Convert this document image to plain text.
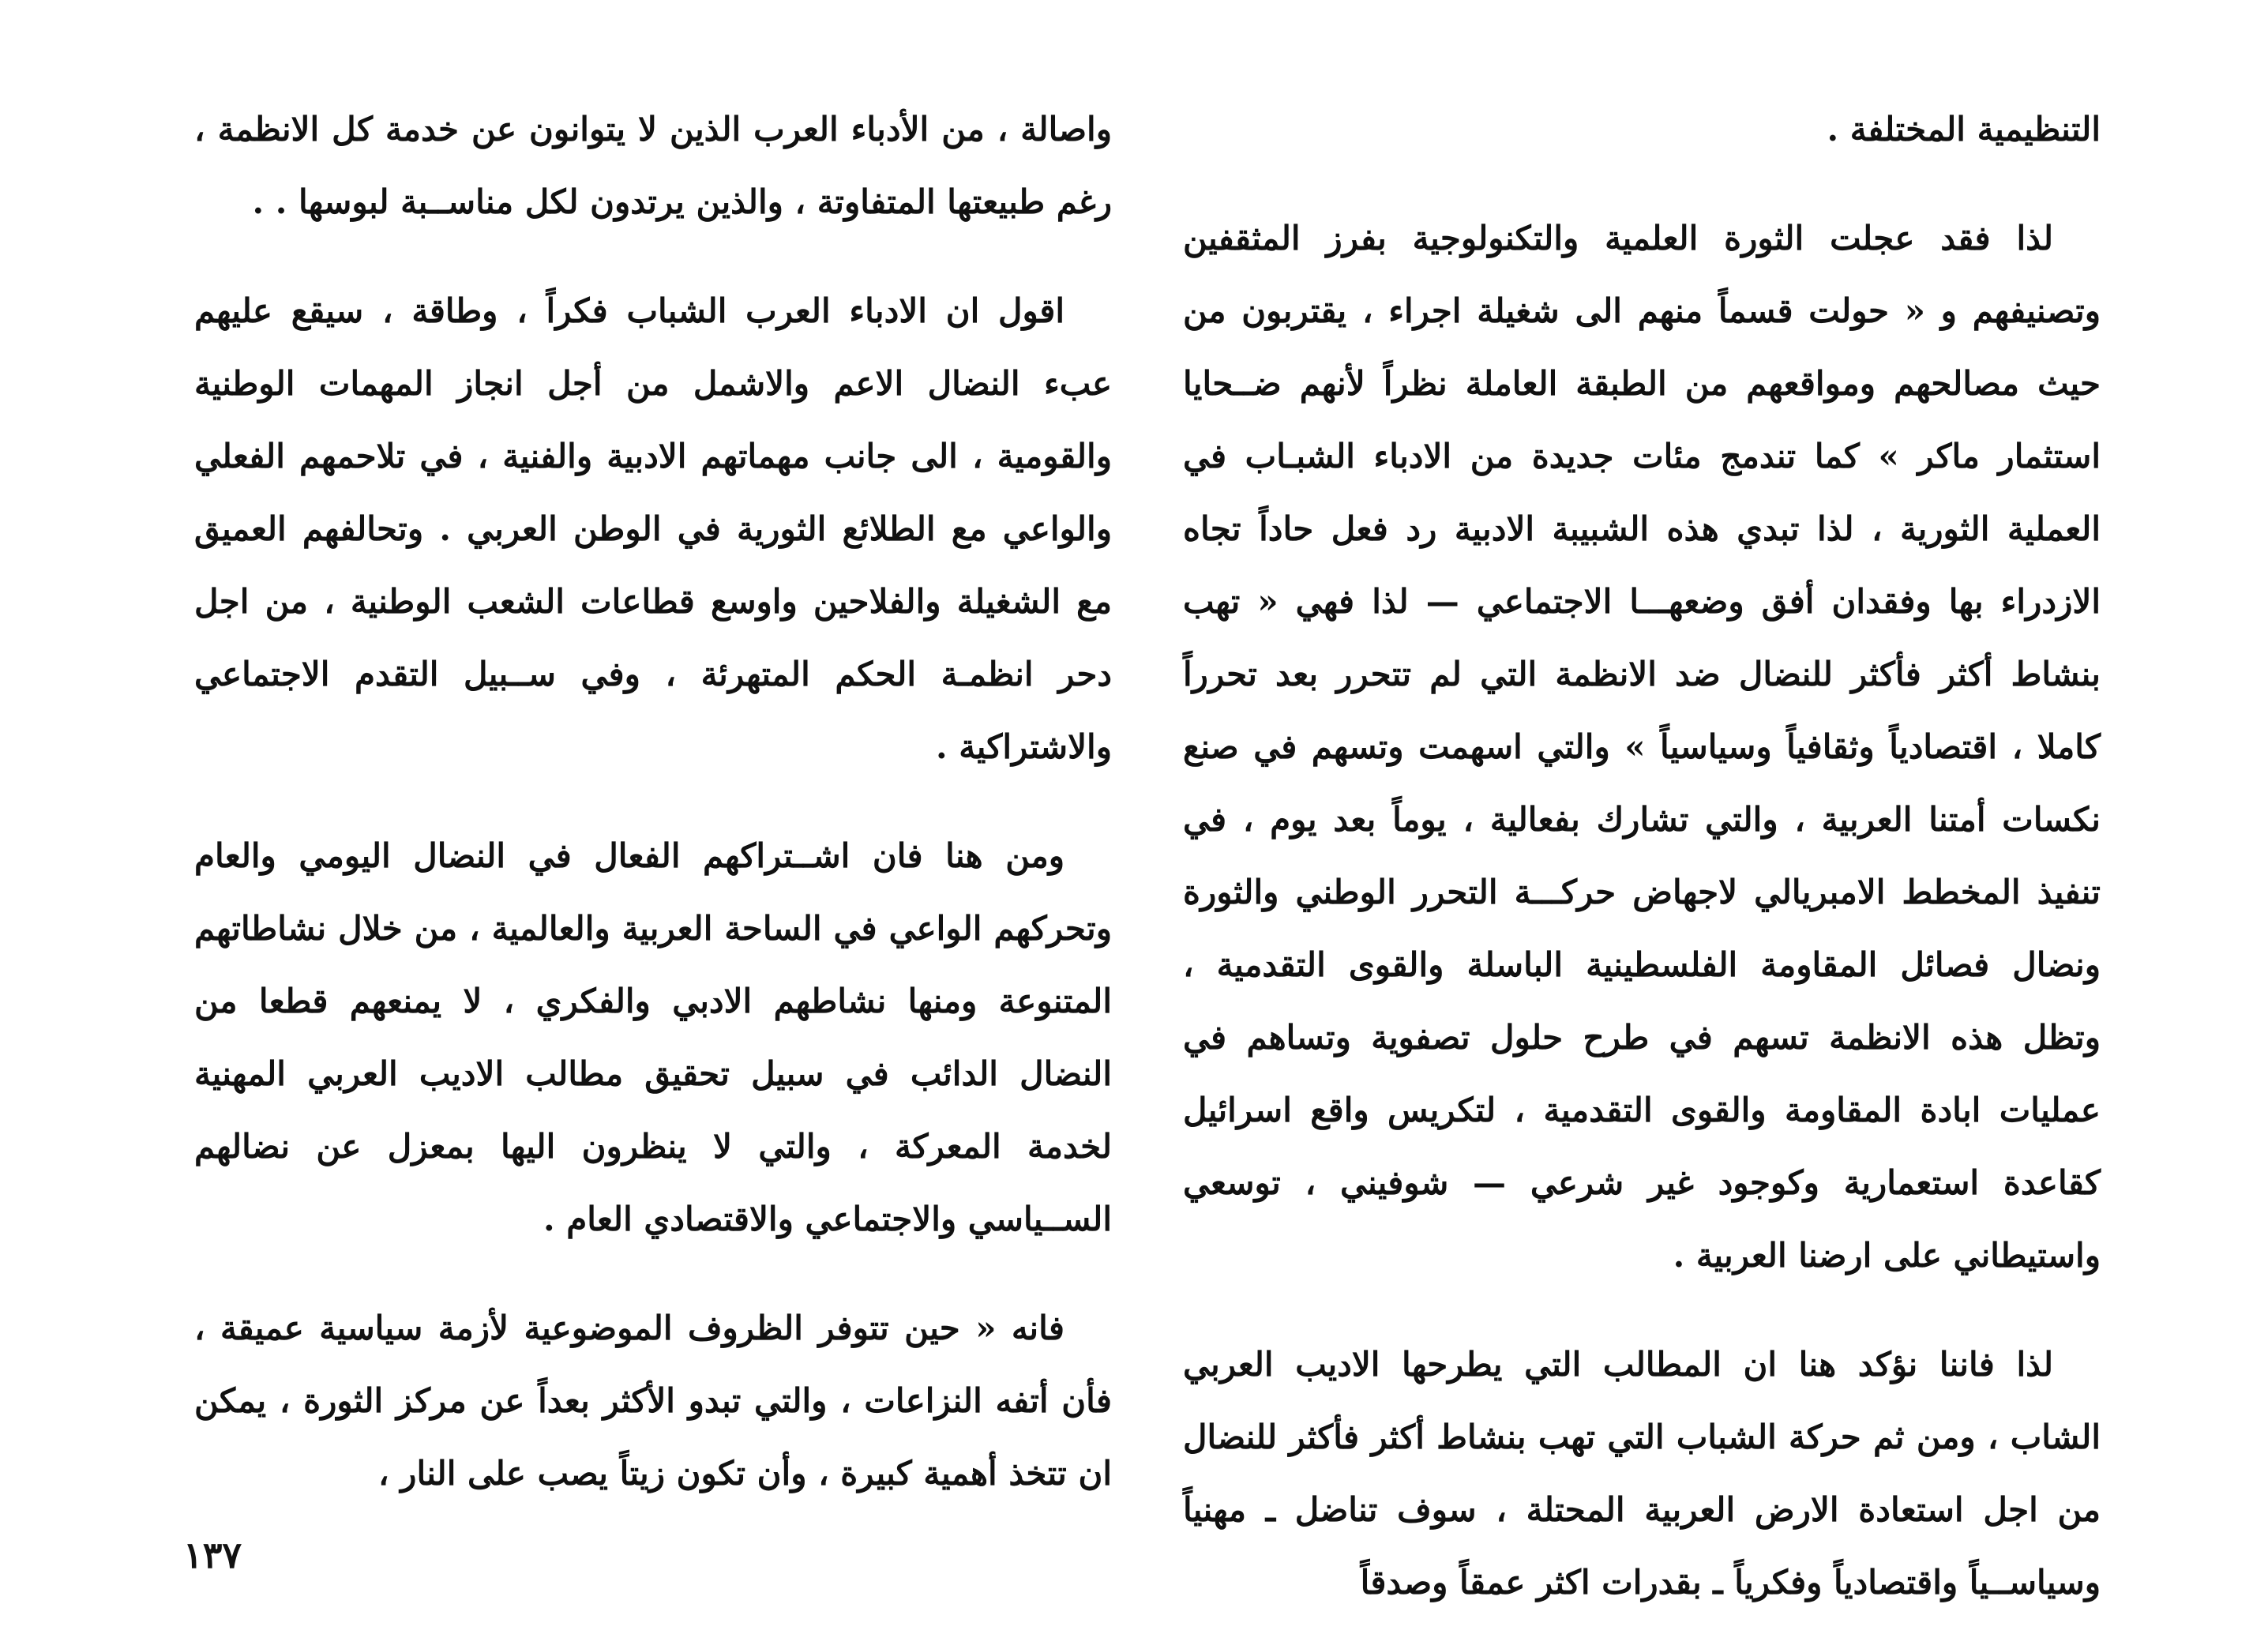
التنظيمية المختلفة .

لذا فقد عجلت الثورة العلمية والتكنولوجية بفرز المثقفين وتصنيفهم و « حولت قسماً منهم الى شغيلة اجراء ، يقتربون من حيث مصالحهم ومواقعهم من الطبقة العاملة نظراً لأنهم ضــحايا استثمار ماكر » كما تندمج مئات جديدة من الادباء الشبـاب في العملية الثورية ، لذا تبدي هذه الشبيبة الادبية رد فعل حاداً تجاه الازدراء بها وفقدان أفق وضعهـــا الاجتماعي — لذا فهي « تهب بنشاط أكثر فأكثر للنضال ضد الانظمة التي لم تتحرر بعد تحرراً كاملا ، اقتصادياً وثقافياً وسياسياً » والتي اسهمت وتسهم في صنع نكسات أمتنا العربية ، والتي تشارك بفعالية ، يوماً بعد يوم ، في تنفيذ المخطط الامبريالي لاجهاض حركـــة التحرر الوطني والثورة ونضال فصائل المقاومة الفلسطينية الباسلة والقوى التقدمية ، وتظل هذه الانظمة تسهم في طرح حلول تصفوية وتساهم في عمليات ابادة المقاومة والقوى التقدمية ، لتكريس واقع اسرائيل كقاعدة استعمارية وكوجود غير شرعي — شوفيني ، توسعي واستيطاني على ارضنا العربية .

لذا فاننا نؤكد هنا ان المطالب التي يطرحها الاديب العربي الشاب ، ومن ثم حركة الشباب التي تهب بنشاط أكثر فأكثر للنضال من اجل استعادة الارض العربية المحتلة ، سوف تناضل ـ مهنياً وسياســياً واقتصادياً وفكرياً ـ بقدرات اكثر عمقاً وصدقاً

واصالة ، من الأدباء العرب الذين لا يتوانون عن خدمة كل الانظمة ، رغم طبيعتها المتفاوتة ، والذين يرتدون لكل مناســبة لبوسها . .

اقول ان الادباء العرب الشباب فكراً ، وطاقة ، سيقع عليهم عبء النضال الاعم والاشمل من أجل انجاز المهمات الوطنية والقومية ، الى جانب مهماتهم الادبية والفنية ، في تلاحمهم الفعلي والواعي مع الطلائع الثورية في الوطن العربي . وتحالفهم العميق مع الشغيلة والفلاحين واوسع قطاعات الشعب الوطنية ، من اجل دحر انظمـة الحكم المتهرئة ، وفي ســبيل التقدم الاجتماعي والاشتراكية .

ومن هنا فان اشــتراكهم الفعال في النضال اليومي والعام وتحركهم الواعي في الساحة العربية والعالمية ، من خلال نشاطاتهم المتنوعة ومنها نشاطهم الادبي والفكري ، لا يمنعهم قطعا من النضال الدائب في سبيل تحقيق مطالب الاديب العربي المهنية لخدمة المعركة ، والتي لا ينظرون اليها بمعزل عن نضالهم الســياسي والاجتماعي والاقتصادي العام .

فانه « حين تتوفر الظروف الموضوعية لأزمة سياسية عميقة ، فأن أتفه النزاعات ، والتي تبدو الأكثر بعداً عن مركز الثورة ، يمكن ان تتخذ أهمية كبيرة ، وأن تكون زيتاً يصب على النار ،

١٣٧
